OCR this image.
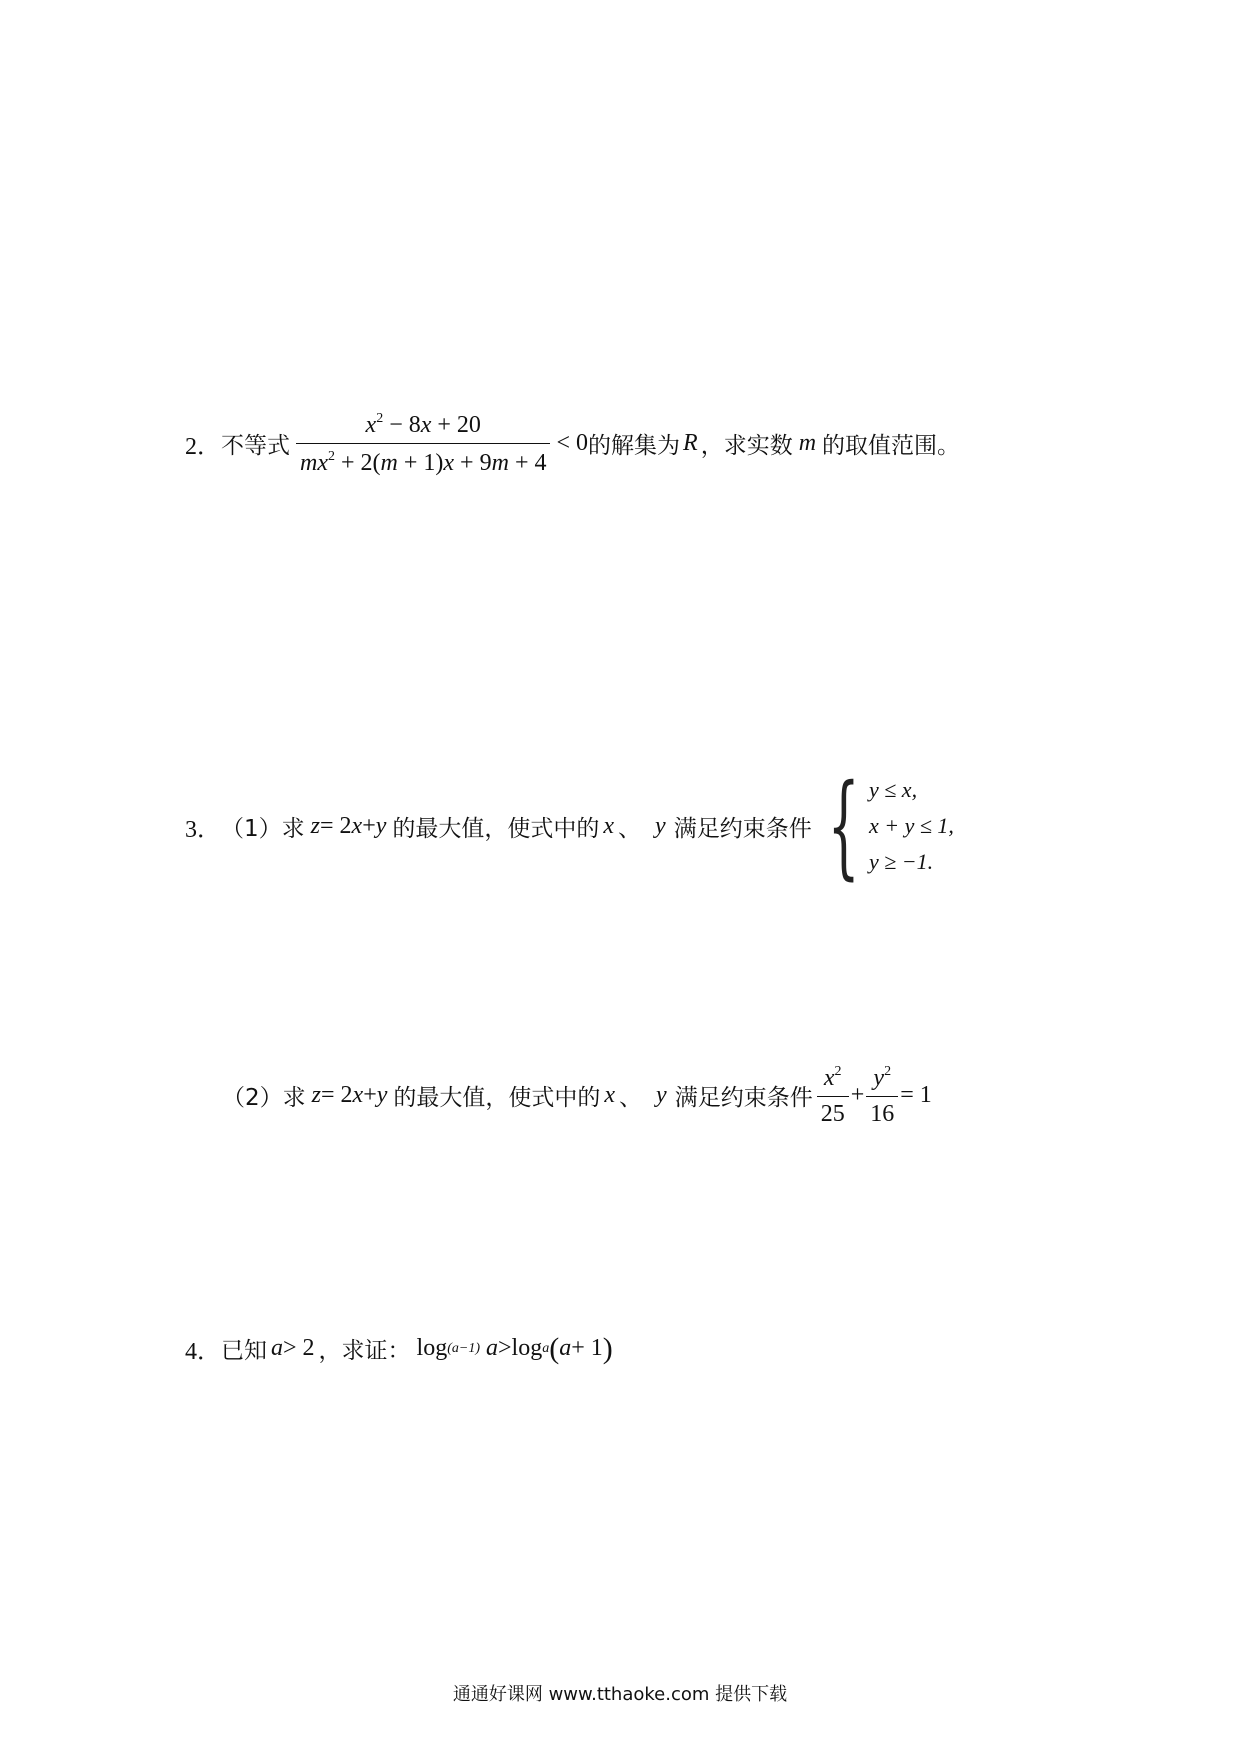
2． 不等式 $\frac{x^2 - 8x + 20}{mx^2 + 2(m + 1)x + 9m + 4} < 0$ 的解集为 R ，求实数 m 的取值范围。
3． （1）求 z = 2 x + y 的最大值，使式中的 x 、 y 满足约束条件 { y ≤ x,
x + y ≤ 1,
y ≥ −1.
（2）求 z = 2 x + y 的最大值，使式中的 x 、 y 满足约束条件 $\frac{x^2}{25} + \frac{y^2}{16} = 1$
4． 已知 a > 2 ，求证： log (a−1) a > log a ( a + 1 )
通通好课网 www.tthaoke.com 提供下载
